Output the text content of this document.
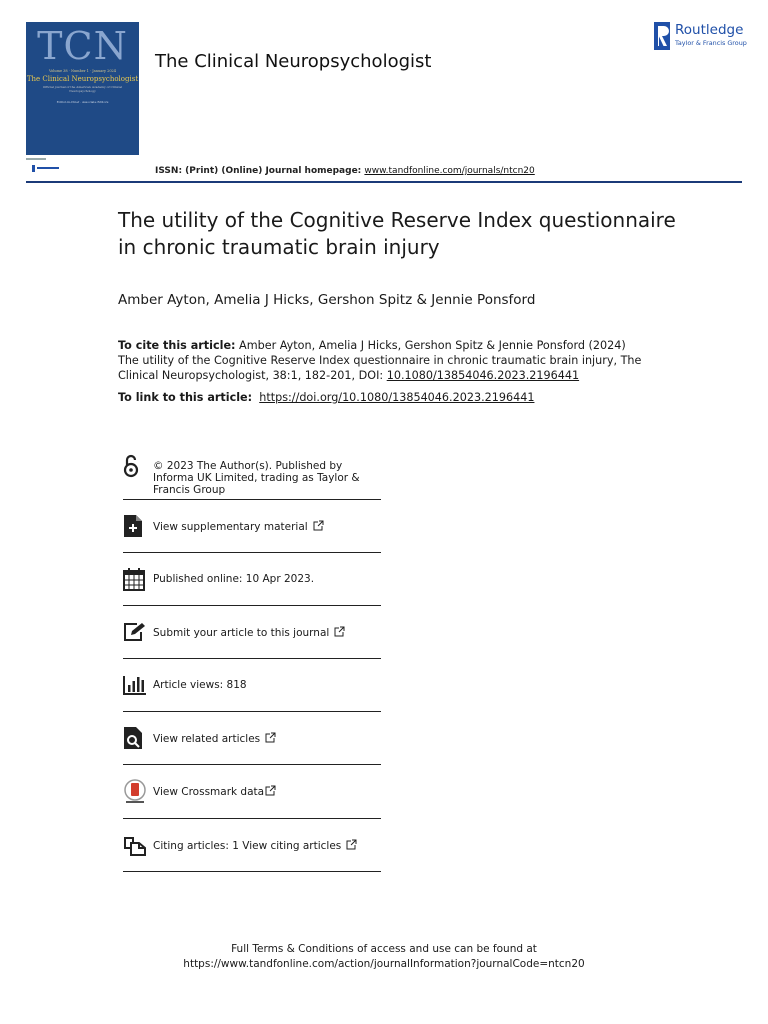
TCN
Volume 38 · Number 1 · January 2024
The Clinical Neuropsychologist
Official journal of the American Academy of Clinical Neuropsychology
Editor-in-Chief · Associate Editors
The Clinical Neuropsychologist
Routledge
Taylor & Francis Group
ISSN: (Print) (Online) Journal homepage: www.tandfonline.com/journals/ntcn20
The utility of the Cognitive Reserve Index questionnaire in chronic traumatic brain injury
Amber Ayton, Amelia J Hicks, Gershon Spitz & Jennie Ponsford
To cite this article: Amber Ayton, Amelia J Hicks, Gershon Spitz & Jennie Ponsford (2024) The utility of the Cognitive Reserve Index questionnaire in chronic traumatic brain injury, The Clinical Neuropsychologist, 38:1, 182-201, DOI: 10.1080/13854046.2023.2196441
To link to this article: https://doi.org/10.1080/13854046.2023.2196441
© 2023 The Author(s). Published by Informa UK Limited, trading as Taylor & Francis Group
View supplementary material
Published online: 10 Apr 2023.
Submit your article to this journal
Article views: 818
View related articles
View Crossmark data
Citing articles: 1 View citing articles
Full Terms & Conditions of access and use can be found at
https://www.tandfonline.com/action/journalInformation?journalCode=ntcn20
